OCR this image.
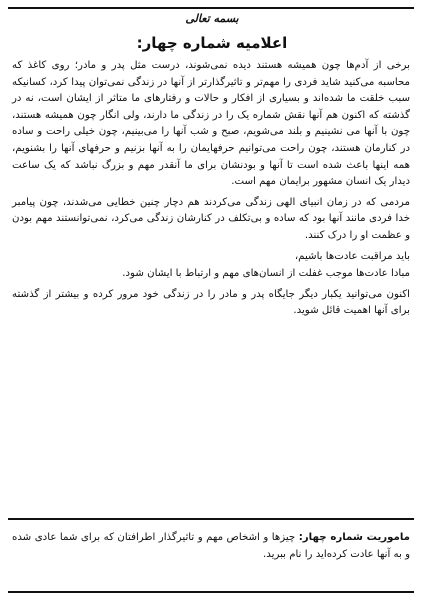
بسمه تعالی
اعلامیه شماره چهار:

برخی از آدم‌ها چون همیشه هستند دیده نمی‌شوند، درست مثل پدر و مادر؛ روی کاغذ که محاسبه می‌کنید شاید فردی را مهم‌تر و تاثیرگذارتر از آنها در زندگی نمی‌توان پیدا کرد، کسانیکه سبب خلقت ما شده‌اند و بسیاری از افکار و حالات و رفتارهای ما متاثر از ایشان است، نه در گذشته که اکنون هم آنها نقش شماره یک را در زندگی ما دارند، ولی انگار چون همیشه هستند، چون با آنها می نشینیم و بلند می‌شویم، صبح و شب آنها را می‌بینیم، چون خیلی راحت و ساده در کنارمان هستند، چون راحت می‌توانیم حرفهایمان را به آنها بزنیم و حرفهای آنها را بشنویم، همه اینها باعث شده است تا آنها و بودنشان برای ما آنقدر مهم و بزرگ نباشد که یک ساعت دیدار یک انسان مشهور برایمان مهم است.

مردمی که در زمان انبیای الهی زندگی می‌کردند هم دچار چنین خطایی می‌شدند، چون پیامبر خدا فردی مانند آنها بود که ساده و بی‌تکلف در کنارشان زندگی می‌کرد، نمی‌توانستند مهم بودن و عظمت او را درک کنند.

باید مراقبت عادت‌ها باشیم،

مبادا عادت‌ها موجب غفلت از انسان‌های مهم و ارتباط با ایشان شود.

اکنون می‌توانید یکبار دیگر جایگاه پدر و مادر را در زندگی خود مرور کرده و بیشتر از گذشته برای آنها اهمیت قائل شوید.

ماموریت شماره چهار: چیزها و اشخاص مهم و تاثیرگذار اطرافتان که برای شما عادی شده و به آنها عادت کرده‌اید را نام ببرید.
